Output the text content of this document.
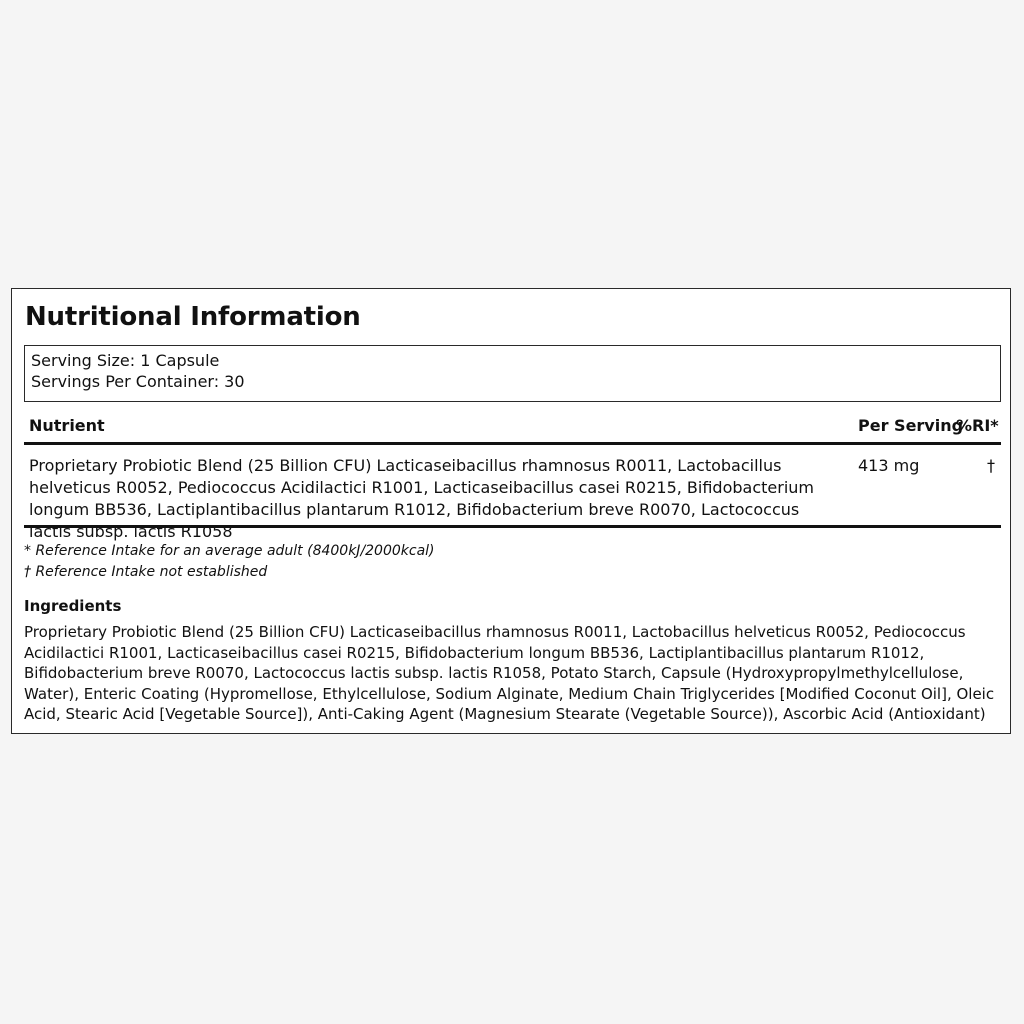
Nutritional Information
Serving Size: 1 Capsule
Servings Per Container: 30
Nutrient	Per Serving
%RI*
Proprietary Probiotic Blend (25 Billion CFU) Lacticaseibacillus rhamnosus R0011, Lactobacillus helveticus R0052, Pediococcus Acidilactici R1001, Lacticaseibacillus casei R0215, Bifidobacterium longum BB536, Lactiplantibacillus plantarum R1012, Bifidobacterium breve R0070, Lactococcus lactis subsp. lactis R1058
413 mg	†
* Reference Intake for an average adult (8400kJ/2000kcal)
† Reference Intake not established
Ingredients
Proprietary Probiotic Blend (25 Billion CFU) Lacticaseibacillus rhamnosus R0011, Lactobacillus helveticus R0052, Pediococcus Acidilactici R1001, Lacticaseibacillus casei R0215, Bifidobacterium longum BB536, Lactiplantibacillus plantarum R1012, Bifidobacterium breve R0070, Lactococcus lactis subsp. lactis R1058, Potato Starch, Capsule (Hydroxypropylmethylcellulose, Water), Enteric Coating (Hypromellose, Ethylcellulose, Sodium Alginate, Medium Chain Triglycerides [Modified Coconut Oil], Oleic Acid, Stearic Acid [Vegetable Source]), Anti-Caking Agent (Magnesium Stearate (Vegetable Source)), Ascorbic Acid (Antioxidant)
